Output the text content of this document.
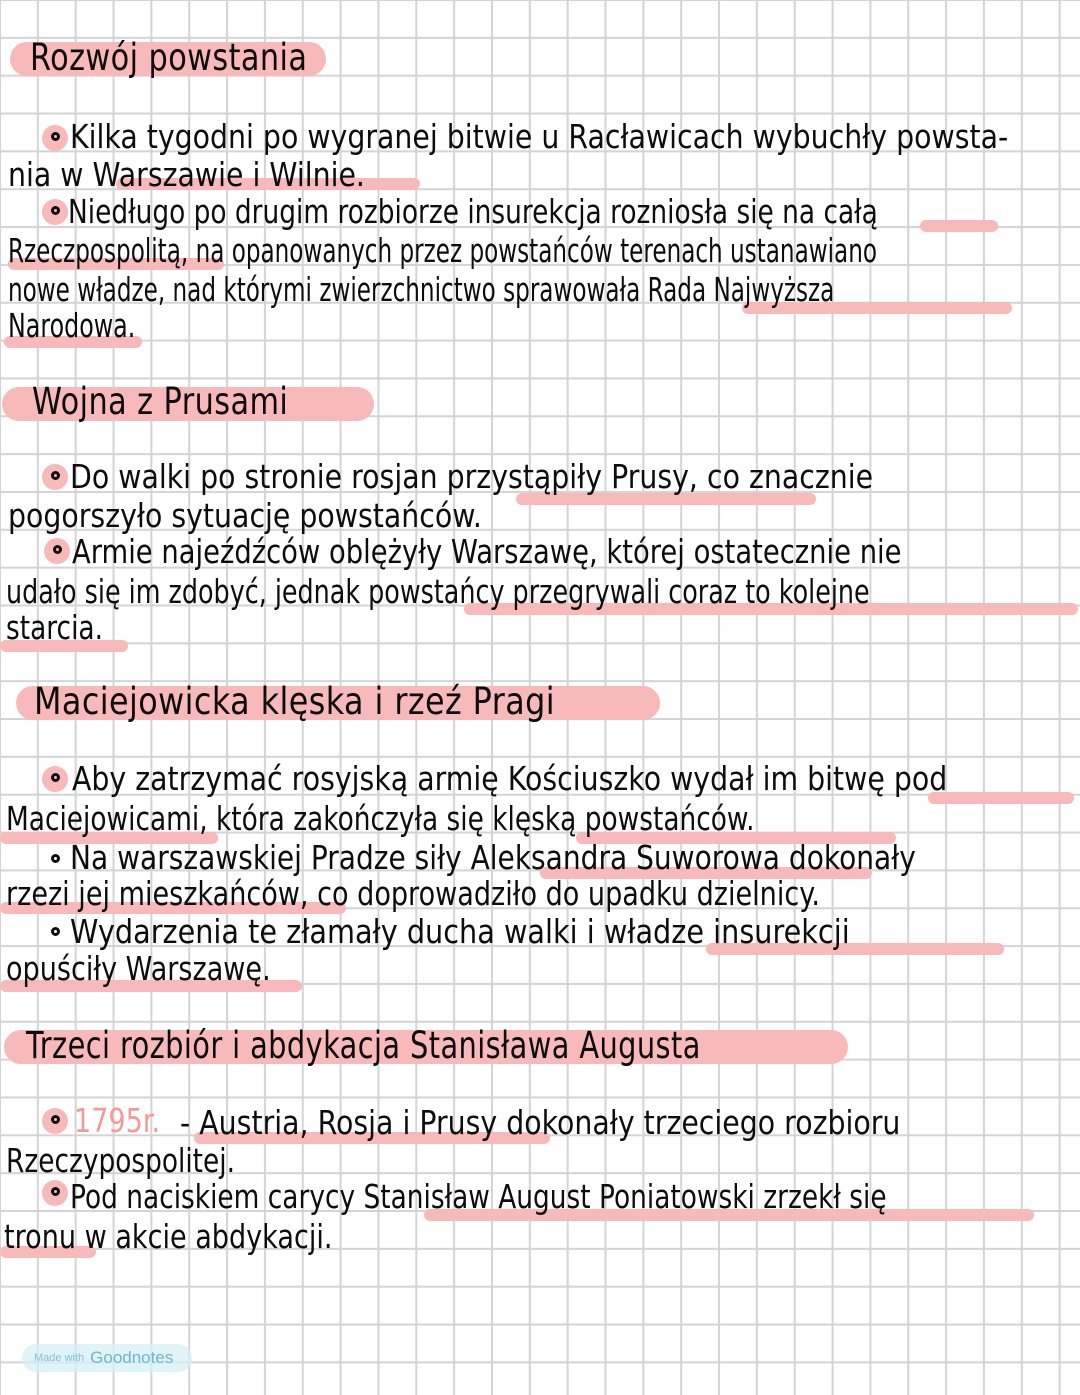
Rozwój powstania
Kilka tygodni po wygranej bitwie u Racławicach wybuchły powsta-
nia w Warszawie i Wilnie.
Niedługo po drugim rozbiorze insurekcja rozniosła się na całą
Rzeczpospolitą, na opanowanych przez powstańców terenach ustanawiano
nowe władze, nad którymi zwierzchnictwo sprawowała Rada Najwyższa
Narodowa.
Wojna z Prusami
Do walki po stronie rosjan przystąpiły Prusy, co znacznie
pogorszyło sytuację powstańców.
Armie najeźdźców oblężyły Warszawę, której ostatecznie nie
udało się im zdobyć, jednak powstańcy przegrywali coraz to kolejne
starcia.
Maciejowicka klęska i rzeź Pragi
Aby zatrzymać rosyjską armię Kościuszko wydał im bitwę pod
Maciejowicami, która zakończyła się klęską powstańców.
Na warszawskiej Pradze siły Aleksandra Suworowa dokonały
rzezi jej mieszkańców, co doprowadziło do upadku dzielnicy.
Wydarzenia te złamały ducha walki i władze insurekcji
opuściły Warszawę.
Trzeci rozbiór i abdykacja Stanisława Augusta
1795r. - Austria, Rosja i Prusy dokonały trzeciego rozbioru
Rzeczypospolitej.
Pod naciskiem carycy Stanisław August Poniatowski zrzekł się
tronu w akcie abdykacji.
Made with Goodnotes
